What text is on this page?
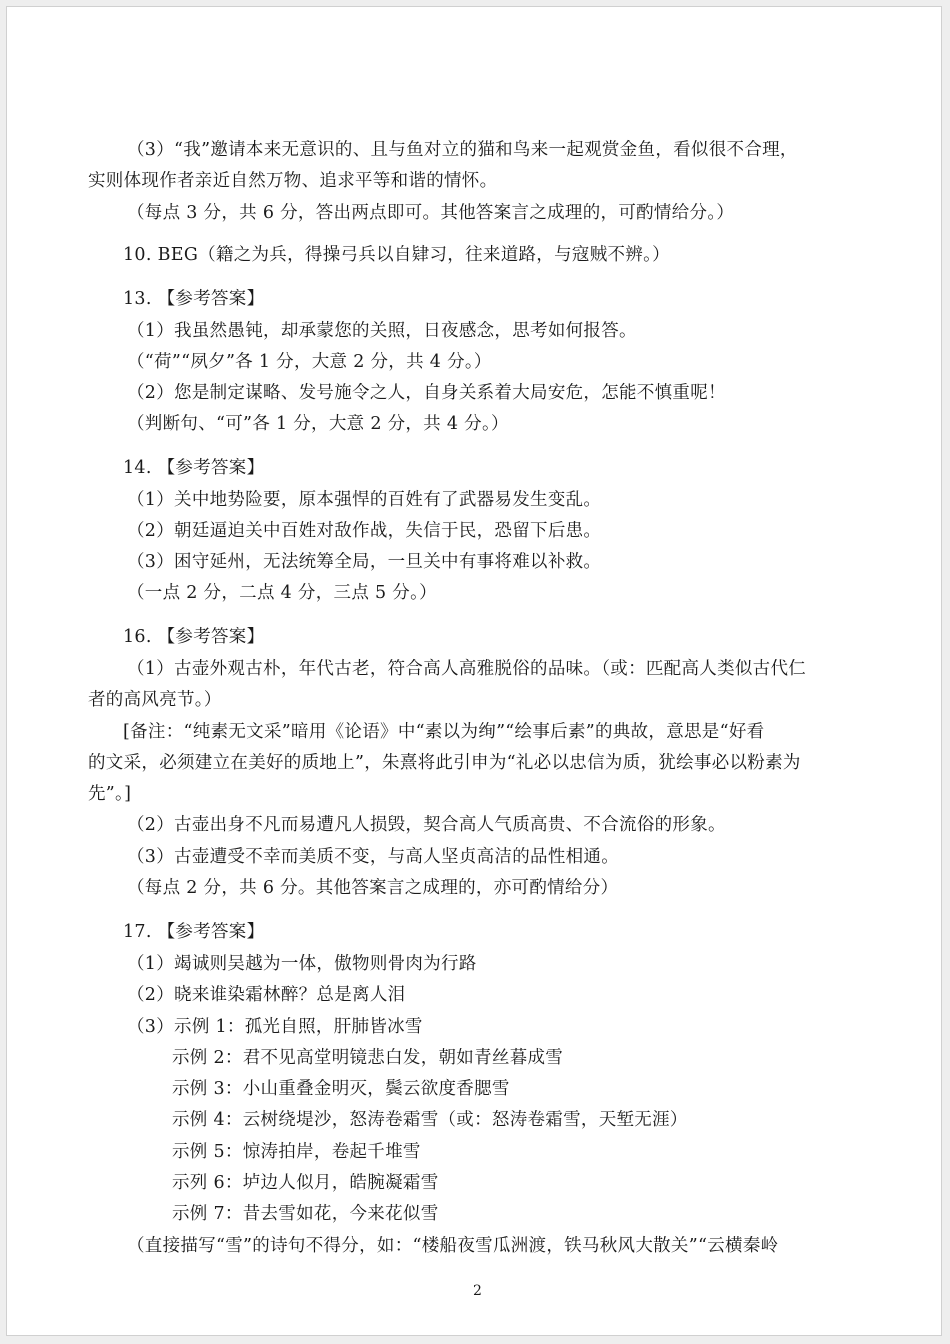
（3）“我”邀请本来无意识的、且与鱼对立的猫和鸟来一起观赏金鱼，看似很不合理，
实则体现作者亲近自然万物、追求平等和谐的情怀。
（每点 3 分，共 6 分，答出两点即可。其他答案言之成理的，可酌情给分。）
10. BEG（籍之为兵，得操弓兵以自肄习，往来道路，与寇贼不辨。）
13. 【参考答案】
（1）我虽然愚钝，却承蒙您的关照，日夜感念，思考如何报答。
（“荷”“夙夕”各 1 分，大意 2 分，共 4 分。）
（2）您是制定谋略、发号施令之人，自身关系着大局安危，怎能不慎重呢！
（判断句、“可”各 1 分，大意 2 分，共 4 分。）
14. 【参考答案】
（1）关中地势险要，原本强悍的百姓有了武器易发生变乱。
（2）朝廷逼迫关中百姓对敌作战，失信于民，恐留下后患。
（3）困守延州，无法统筹全局，一旦关中有事将难以补救。
（一点 2 分，二点 4 分，三点 5 分。）
16. 【参考答案】
（1）古壶外观古朴，年代古老，符合高人高雅脱俗的品味。（或：匹配高人类似古代仁
者的高风亮节。）
[备注：“纯素无文采”暗用《论语》中“素以为绚”“绘事后素”的典故，意思是“好看
的文采，必须建立在美好的质地上”，朱熹将此引申为“礼必以忠信为质，犹绘事必以粉素为
先”。]
（2）古壶出身不凡而易遭凡人损毁，契合高人气质高贵、不合流俗的形象。
（3）古壶遭受不幸而美质不变，与高人坚贞高洁的品性相通。
（每点 2 分，共 6 分。其他答案言之成理的，亦可酌情给分）
17. 【参考答案】
（1）竭诚则吴越为一体，傲物则骨肉为行路
（2）晓来谁染霜林醉？总是离人泪
（3）示例 1：孤光自照，肝肺皆冰雪
示例 2：君不见高堂明镜悲白发，朝如青丝暮成雪
示例 3：小山重叠金明灭，鬓云欲度香腮雪
示例 4：云树绕堤沙，怒涛卷霜雪（或：怒涛卷霜雪，天堑无涯）
示例 5：惊涛拍岸，卷起千堆雪
示列 6：垆边人似月，皓腕凝霜雪
示例 7：昔去雪如花，今来花似雪
（直接描写“雪”的诗句不得分，如：“楼船夜雪瓜洲渡，铁马秋风大散关”“云横秦岭
2
